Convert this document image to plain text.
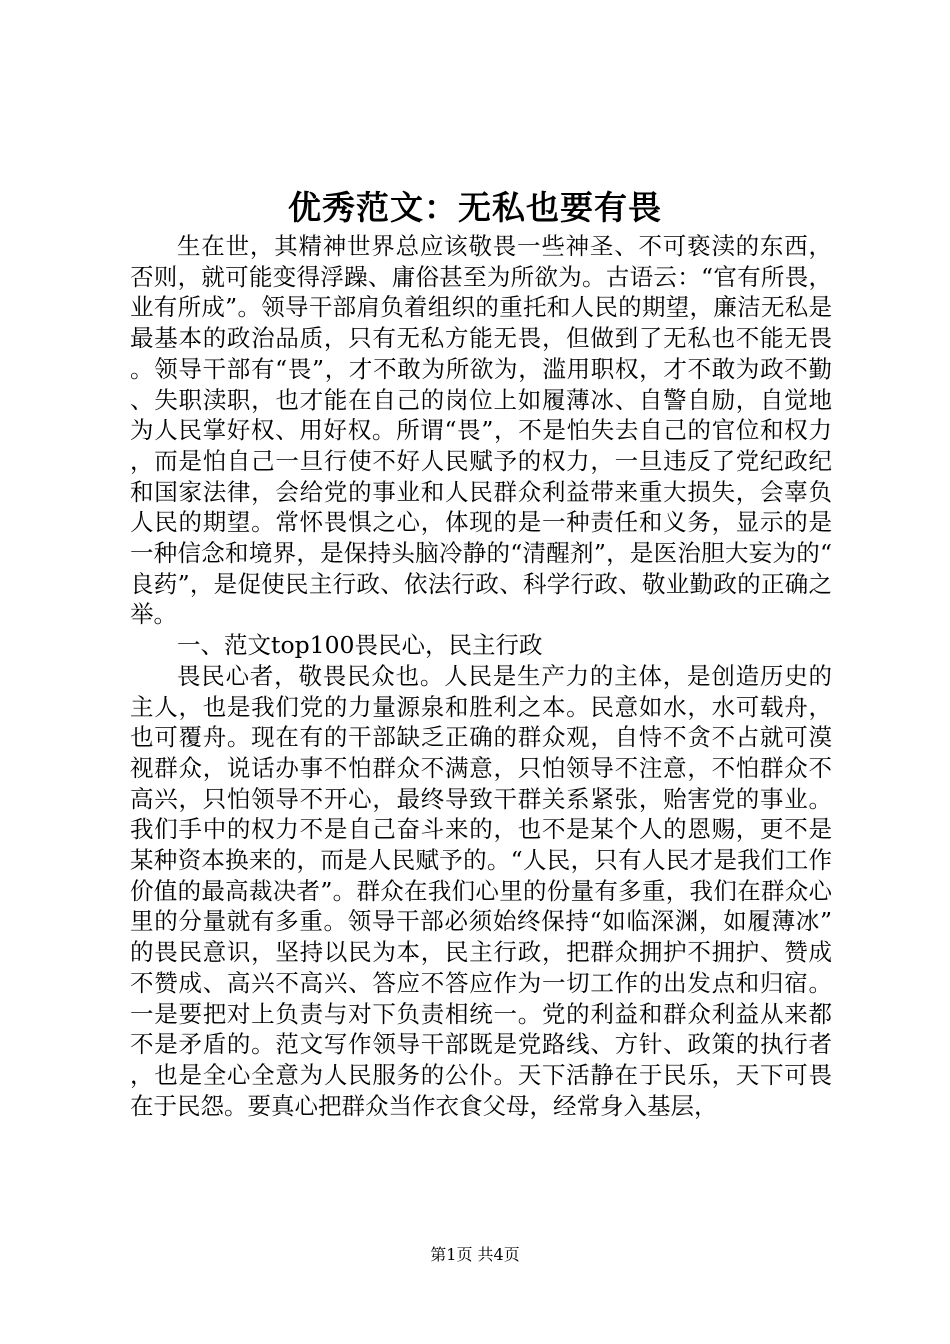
优秀范文：无私也要有畏

生在世，其精神世界总应该敬畏一些神圣、不可亵渎的东西，否则，就可能变得浮躁、庸俗甚至为所欲为。古语云：“官有所畏，业有所成”。领导干部肩负着组织的重托和人民的期望，廉洁无私是最基本的政治品质，只有无私方能无畏，但做到了无私也不能无畏。领导干部有“畏”，才不敢为所欲为，滥用职权，才不敢为政不勤、失职渎职，也才能在自己的岗位上如履薄冰、自警自励，自觉地为人民掌好权、用好权。所谓“畏”，不是怕失去自己的官位和权力，而是怕自己一旦行使不好人民赋予的权力，一旦违反了党纪政纪和国家法律，会给党的事业和人民群众利益带来重大损失，会辜负人民的期望。常怀畏惧之心，体现的是一种责任和义务，显示的是一种信念和境界，是保持头脑冷静的“清醒剂”，是医治胆大妄为的“良药”，是促使民主行政、依法行政、科学行政、敬业勤政的正确之举。

一、范文top100畏民心，民主行政

畏民心者，敬畏民众也。人民是生产力的主体，是创造历史的主人，也是我们党的力量源泉和胜利之本。民意如水，水可载舟，也可覆舟。现在有的干部缺乏正确的群众观，自恃不贪不占就可漠视群众，说话办事不怕群众不满意，只怕领导不注意，不怕群众不高兴，只怕领导不开心，最终导致干群关系紧张，贻害党的事业。我们手中的权力不是自己奋斗来的，也不是某个人的恩赐，更不是某种资本换来的，而是人民赋予的。“人民，只有人民才是我们工作价值的最高裁决者”。群众在我们心里的份量有多重，我们在群众心里的分量就有多重。领导干部必须始终保持“如临深渊，如履薄冰”的畏民意识，坚持以民为本，民主行政，把群众拥护不拥护、赞成不赞成、高兴不高兴、答应不答应作为一切工作的出发点和归宿。一是要把对上负责与对下负责相统一。党的利益和群众利益从来都不是矛盾的。范文写作领导干部既是党路线、方针、政策的执行者，也是全心全意为人民服务的公仆。天下活静在于民乐，天下可畏在于民怨。要真心把群众当作衣食父母，经常身入基层，

第1页 共4页
